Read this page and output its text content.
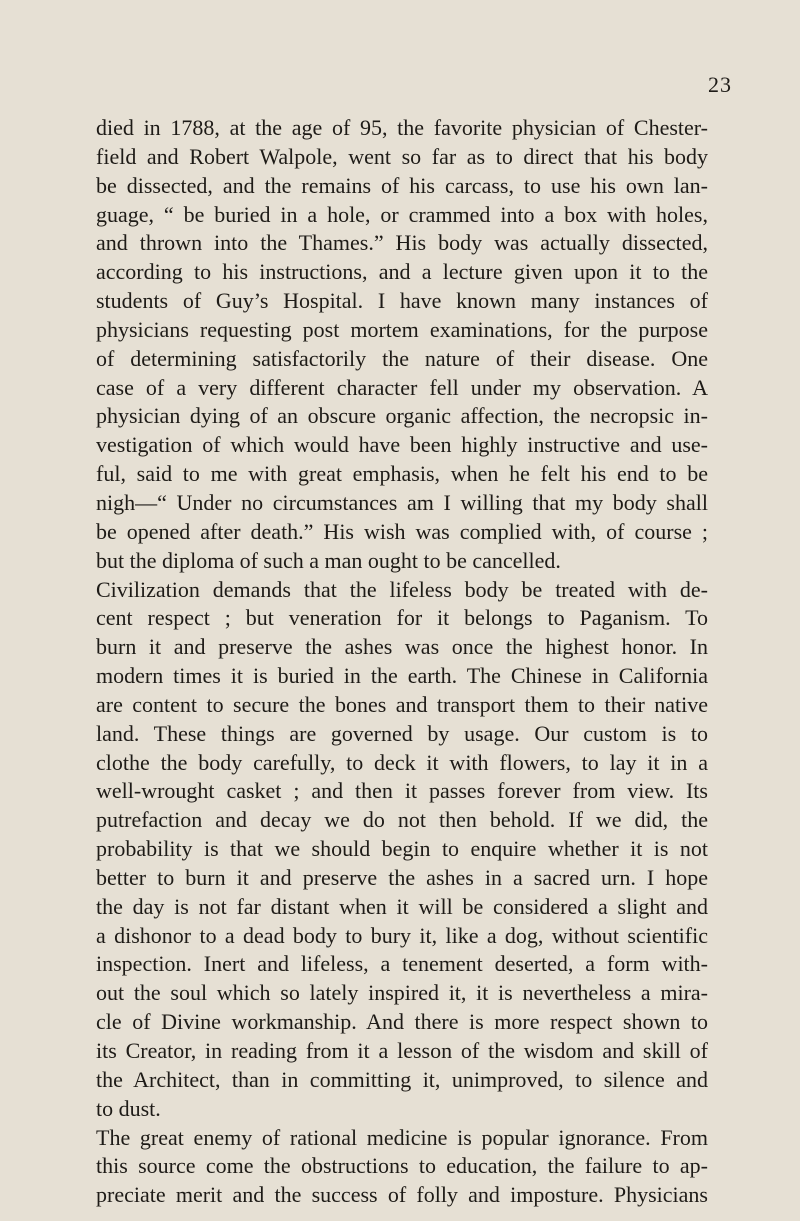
23
died in 1788, at the age of 95, the favorite physician of Chester-
field and Robert Walpole, went so far as to direct that his body
be dissected, and the remains of his carcass, to use his own lan-
guage, “ be buried in a hole, or crammed into a box with holes,
and thrown into the Thames.” His body was actually dissected,
according to his instructions, and a lecture given upon it to the
students of Guy’s Hospital. I have known many instances of
physicians requesting post mortem examinations, for the purpose
of determining satisfactorily the nature of their disease. One
case of a very different character fell under my observation. A
physician dying of an obscure organic affection, the necropsic in-
vestigation of which would have been highly instructive and use-
ful, said to me with great emphasis, when he felt his end to be
nigh—“ Under no circumstances am I willing that my body shall
be opened after death.” His wish was complied with, of course ;
but the diploma of such a man ought to be cancelled.
Civilization demands that the lifeless body be treated with de-
cent respect ; but veneration for it belongs to Paganism. To
burn it and preserve the ashes was once the highest honor. In
modern times it is buried in the earth. The Chinese in California
are content to secure the bones and transport them to their native
land. These things are governed by usage. Our custom is to
clothe the body carefully, to deck it with flowers, to lay it in a
well-wrought casket ; and then it passes forever from view. Its
putrefaction and decay we do not then behold. If we did, the
probability is that we should begin to enquire whether it is not
better to burn it and preserve the ashes in a sacred urn. I hope
the day is not far distant when it will be considered a slight and
a dishonor to a dead body to bury it, like a dog, without scientific
inspection. Inert and lifeless, a tenement deserted, a form with-
out the soul which so lately inspired it, it is nevertheless a mira-
cle of Divine workmanship. And there is more respect shown to
its Creator, in reading from it a lesson of the wisdom and skill of
the Architect, than in committing it, unimproved, to silence and
to dust.
The great enemy of rational medicine is popular ignorance. From
this source come the obstructions to education, the failure to ap-
preciate merit and the success of folly and imposture. Physicians
